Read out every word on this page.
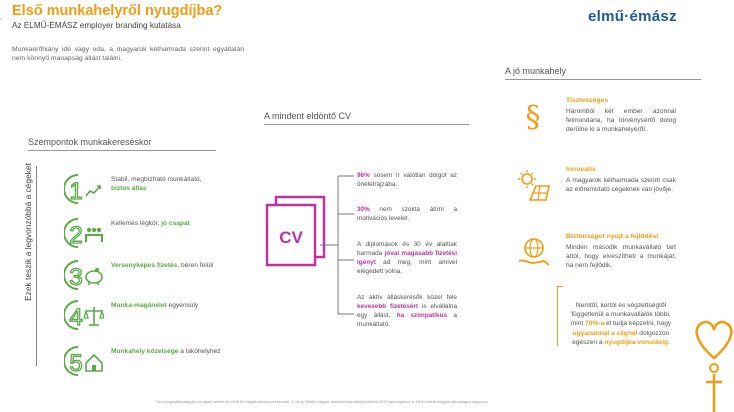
» Első munkahelyről nyugdíjba?
Az ELMŰ-ÉMÁSZ employer branding kutatása
Munkaerőhiány ide vagy oda, a magyarok kétharmada szerint egyáltalán nem könnyű manapság állást találni.
elmű·émász
A jó munkahely
A mindent eldöntő CV
Szempontok munkakereséskor
Ezek teszik a legvonzóbbá a cégeket 1	Stabil, megbízható munkáltató, biztos állás
2	Kellemes légkör, jó csapat
3	Versenyképes fizetés, béren felüli
4	Munka-magánélet egyensúly
5	Munkahely közelsége a lakóhelyhez
CV
96% sosem ír valótlan dolgot az önéletrajzába.
30% nem szokta átírni a motivációs levelet.
A diplomások és 30 év alattiak harmada jóval magasabb fizetési igényt ad meg, mint amivel elégedett volna.
Az aktív álláskeresők közel fele kevesebb fizetésért is elvállalna egy állást, ha szimpatikus a munkáltató.
§	Tisztességes
Háromból két ember azonnal felmondana, ha törvénysértő dolog derülne ki a munkahelyéről.
Innovatív
A magyarok kétharmada szerint csak az előremutató cégeknek van jövője.
Biztonságot nyújt a fejlődést
Minden második munkavállaló tart attól, hogy elveszítheti a munkáját, ha nem fejlődik.
Nemtől, kortól és végzettségtől függetlenül a munkavállalók többi, mint 70%-a el tudja képzelni, hogy ugyanannál a cégnél dolgozzon egészen a nyugdíjba vonulásig.
* Az infografika alapjául szolgáló felmérés 1006 fő megkérdezésével készült, a 18 év feletti magyar internethasználók körében 2019 januárjában, a 18 év feletti magyar lakosságra súlyozva.
